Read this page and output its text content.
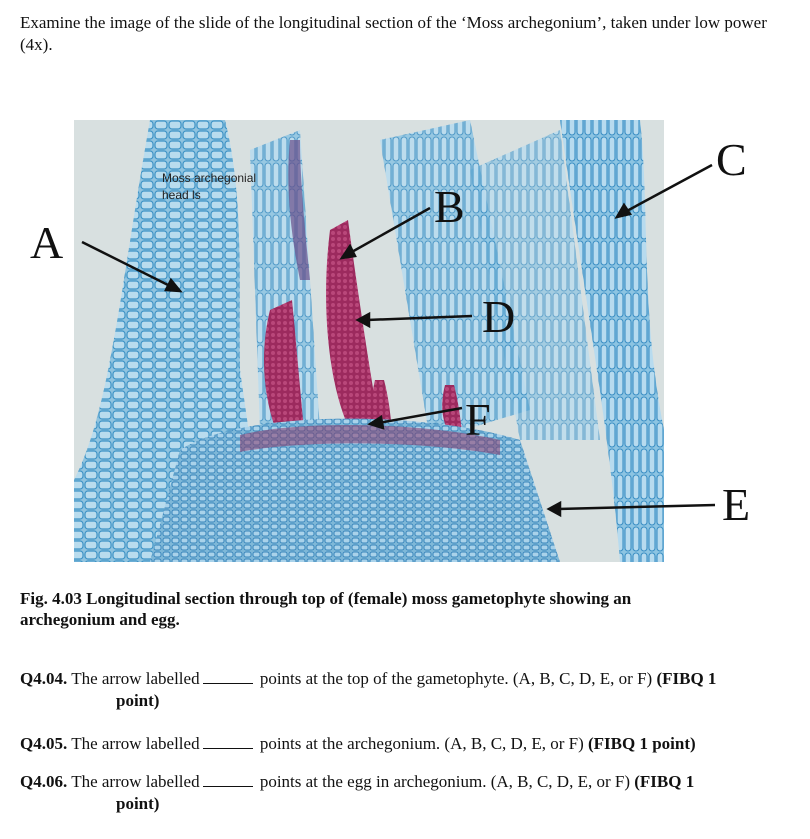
Examine the image of the slide of the longitudinal section of the ‘Moss archegonium’, taken under low power (4x).

Moss archegonial
head ls
A
B
C
D
E
F

Fig. 4.03 Longitudinal section through top of (female) moss gametophyte showing an archegonium and egg.

Q4.04. The arrow labelled	points at the top of the gametophyte. (A, B, C, D, E, or F) (FIBQ 1
point)

Q4.05. The arrow labelled	points at the archegonium. (A, B, C, D, E, or F) (FIBQ 1 point)

Q4.06. The arrow labelled	points at the egg in archegonium. (A, B, C, D, E, or F) (FIBQ 1
point)
